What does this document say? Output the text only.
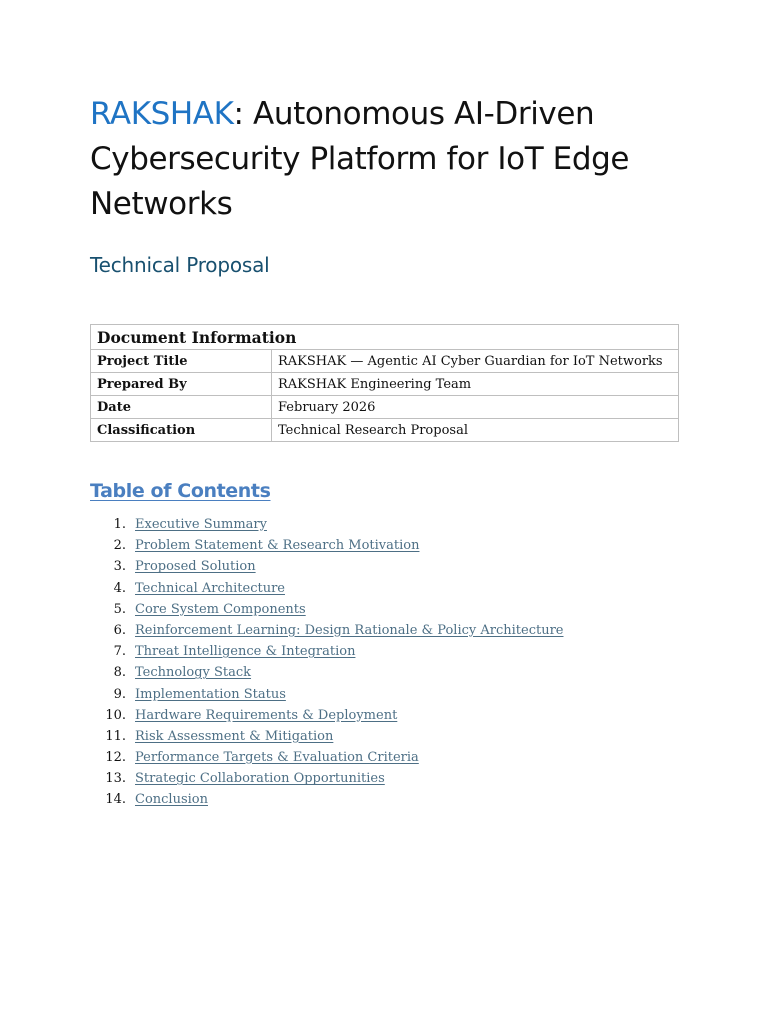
RAKSHAK: Autonomous AI-Driven Cybersecurity Platform for IoT Edge Networks
Technical Proposal
Document Information	
Project Title	RAKSHAK — Agentic AI Cyber Guardian for IoT Networks
Prepared By	RAKSHAK Engineering Team
Date	February 2026
Classification	Technical Research Proposal
Table of Contents
1. Executive Summary
2. Problem Statement & Research Motivation
3. Proposed Solution
4. Technical Architecture
5. Core System Components
6. Reinforcement Learning: Design Rationale & Policy Architecture
7. Threat Intelligence & Integration
8. Technology Stack
9. Implementation Status
10. Hardware Requirements & Deployment
11. Risk Assessment & Mitigation
12. Performance Targets & Evaluation Criteria
13. Strategic Collaboration Opportunities
14. Conclusion
